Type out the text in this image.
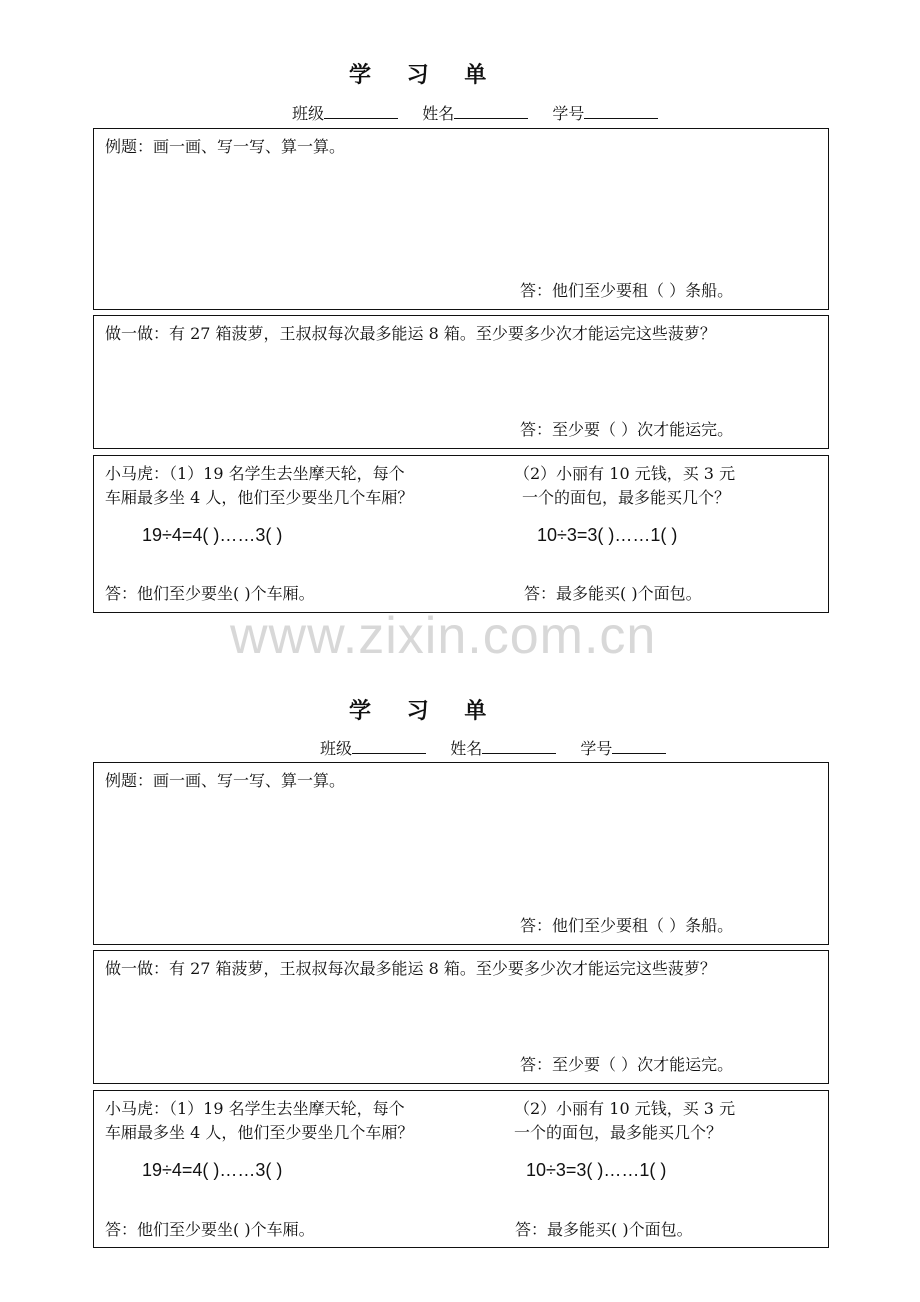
学 习 单
班级	姓名	学号
例题：画一画、写一写、算一算。
答：他们至少要租（ ）条船。
做一做：有 27 箱菠萝，王叔叔每次最多能运 8 箱。至少要多少次才能运完这些菠萝？
答：至少要（ ）次才能运完。
小马虎：（1）19 名学生去坐摩天轮，每个
车厢最多坐 4 人，他们至少要坐几个车厢？
19÷4=4( )……3( )
答：他们至少要坐( )个车厢。
（2）小丽有 10 元钱，买 3 元
一个的面包，最多能买几个？
10÷3=3( )……1( )
答：最多能买( )个面包。
www.zixin.com.cn
学 习 单
班级	姓名	学号
例题：画一画、写一写、算一算。
答：他们至少要租（ ）条船。
做一做：有 27 箱菠萝，王叔叔每次最多能运 8 箱。至少要多少次才能运完这些菠萝？
答：至少要（ ）次才能运完。
小马虎：（1）19 名学生去坐摩天轮，每个
车厢最多坐 4 人，他们至少要坐几个车厢？
19÷4=4( )……3( )
答：他们至少要坐( )个车厢。
（2）小丽有 10 元钱，买 3 元
一个的面包，最多能买几个？
10÷3=3( )……1( )
答：最多能买( )个面包。
